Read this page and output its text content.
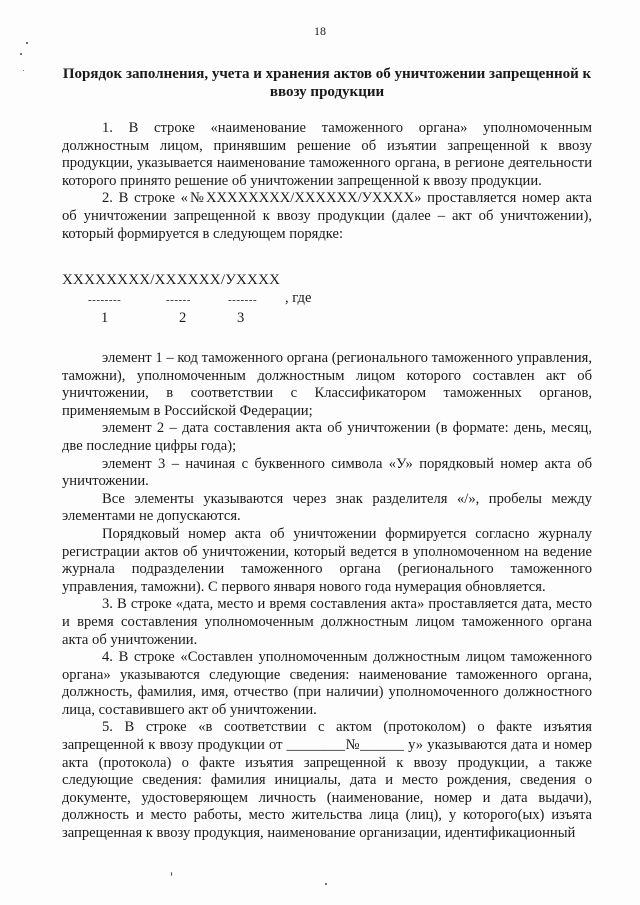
18
Порядок заполнения, учета и хранения актов об уничтожении запрещенной к ввозу продукции

1. В строке «наименование таможенного органа» уполномоченным должностным лицом, принявшим решение об изъятии запрещенной к ввозу продукции, указывается наименование таможенного органа, в регионе деятельности которого принято решение об уничтожении запрещенной к ввозу продукции.

2. В строке «№XXXXXXXX/XXXXXX/УXXXX» проставляется номер акта об уничтожении запрещенной к ввозу продукции (далее – акт об уничтожении), который формируется в следующем порядке:

XXXXXXXX/XXXXXX/УXXXX
--------	------	------- , где
1	2	3

элемент 1 – код таможенного органа (регионального таможенного управления, таможни), уполномоченным должностным лицом которого составлен акт об уничтожении, в соответствии с Классификатором таможенных органов, применяемым в Российской Федерации;

элемент 2 – дата составления акта об уничтожении (в формате: день, месяц, две последние цифры года);

элемент 3 – начиная с буквенного символа «У» порядковый номер акта об уничтожении.

Все элементы указываются через знак разделителя «/», пробелы между элементами не допускаются.

Порядковый номер акта об уничтожении формируется согласно журналу регистрации актов об уничтожении, который ведется в уполномоченном на ведение журнала подразделении таможенного органа (регионального таможенного управления, таможни). С первого января нового года нумерация обновляется.

3. В строке «дата, место и время составления акта» проставляется дата, место и время составления уполномоченным должностным лицом таможенного органа акта об уничтожении.

4. В строке «Составлен уполномоченным должностным лицом таможенного органа» указываются следующие сведения: наименование таможенного органа, должность, фамилия, имя, отчество (при наличии) уполномоченного должностного лица, составившего акт об уничтожении.

5. В строке «в соответствии с актом (протоколом) о факте изъятия запрещенной к ввозу продукции от ________№______ у» указываются дата и номер акта (протокола) о факте изъятия запрещенной к ввозу продукции, а также следующие сведения: фамилия инициалы, дата и место рождения, сведения о документе, удостоверяющем личность (наименование, номер и дата выдачи), должность и место работы, место жительства лица (лиц), у которого(ых) изъята запрещенная к ввозу продукция, наименование организации, идентификационный
